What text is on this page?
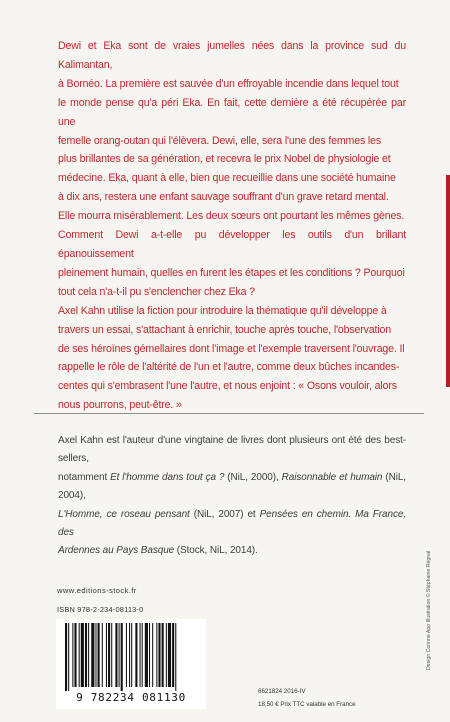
Dewi et Eka sont de vraies jumelles nées dans la province sud du Kalimantan,

à Bornéo. La première est sauvée d'un effroyable incendie dans lequel tout

le monde pense qu'a péri Eka. En fait, cette dernière a été récupérée par une

femelle orang-outan qui l'élèvera. Dewi, elle, sera l'une des femmes les

plus brillantes de sa génération, et recevra le prix Nobel de physiologie et

médecine. Eka, quant à elle, bien que recueillie dans une société humaine

à dix ans, restera une enfant sauvage souffrant d'un grave retard mental.

Elle mourra misérablement. Les deux sœurs ont pourtant les mêmes gènes.

Comment Dewi a-t-elle pu développer les outils d'un brillant épanouissement

pleinement humain, quelles en furent les étapes et les conditions ? Pourquoi

tout cela n'a-t-il pu s'enclencher chez Eka ?

Axel Kahn utilise la fiction pour introduire la thématique qu'il développe à

travers un essai, s'attachant à enrichir, touche après touche, l'observation

de ses héroïnes gémellaires dont l'image et l'exemple traversent l'ouvrage. Il

rappelle le rôle de l'altérité de l'un et l'autre, comme deux bûches incandes-

centes qui s'embrasent l'une l'autre, et nous enjoint : « Osons vouloir, alors

nous pourrons, peut-être. »

Axel Kahn est l'auteur d'une vingtaine de livres dont plusieurs ont été des best-sellers,
notamment Et l'homme dans tout ça ? (NiL, 2000), Raisonnable et humain (NiL, 2004),
L'Homme, ce roseau pensant (NiL, 2007) et Pensées en chemin. Ma France, des
Ardennes au Pays Basque (Stock, NiL, 2014).	Design Corinne App Illustration © Stéphanie Régnal
www.editions-stock.fr
ISBN 978-2-234-08113-0
9 782234 081130	6621824 2016-IV
18,50 € Prix TTC valable en France
